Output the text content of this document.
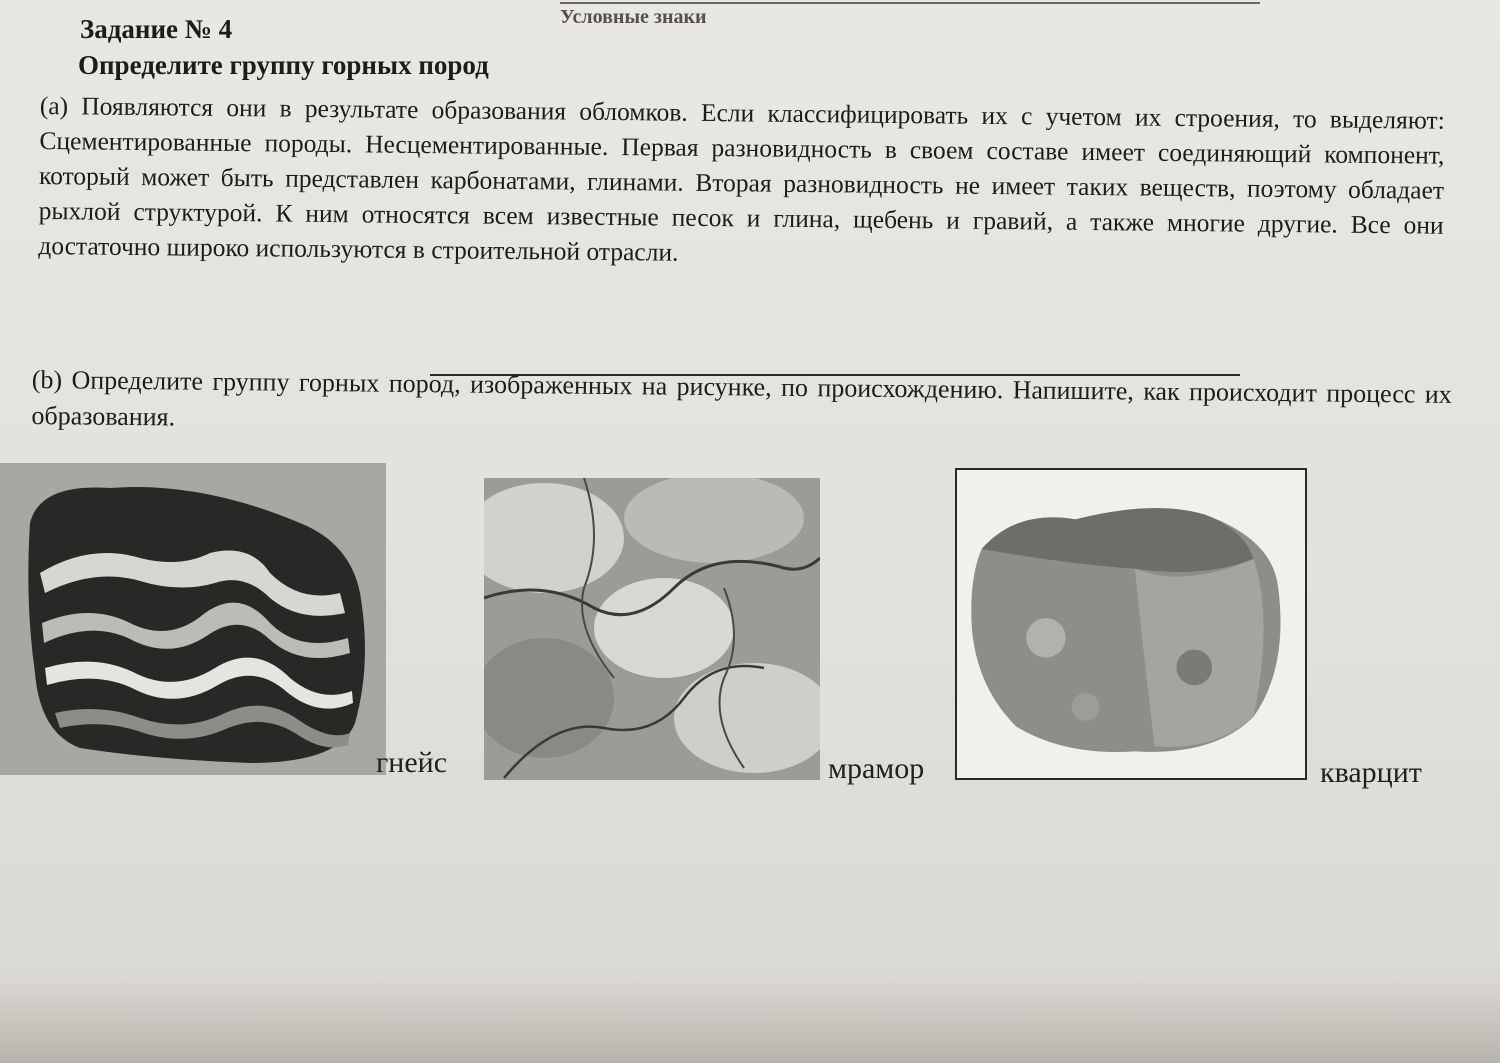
Условные знаки
Задание № 4
Определите группу горных пород
(a) Появляются они в результате образования обломков. Если классифицировать их с учетом их строения, то выделяют: Сцементированные породы. Несцементированные. Первая разновидность в своем составе имеет соединяющий компонент, который может быть представлен карбонатами, глинами. Вторая разновидность не имеет таких веществ, поэтому обладает рыхлой структурой. К ним относятся всем известные песок и глина, щебень и гравий, а также многие другие. Все они достаточно широко используются в строительной отрасли.
(b) Определите группу горных пород, изображенных на рисунке, по происхождению. Напишите, как происходит процесс их образования.
гнейс	мрамор	кварцит
